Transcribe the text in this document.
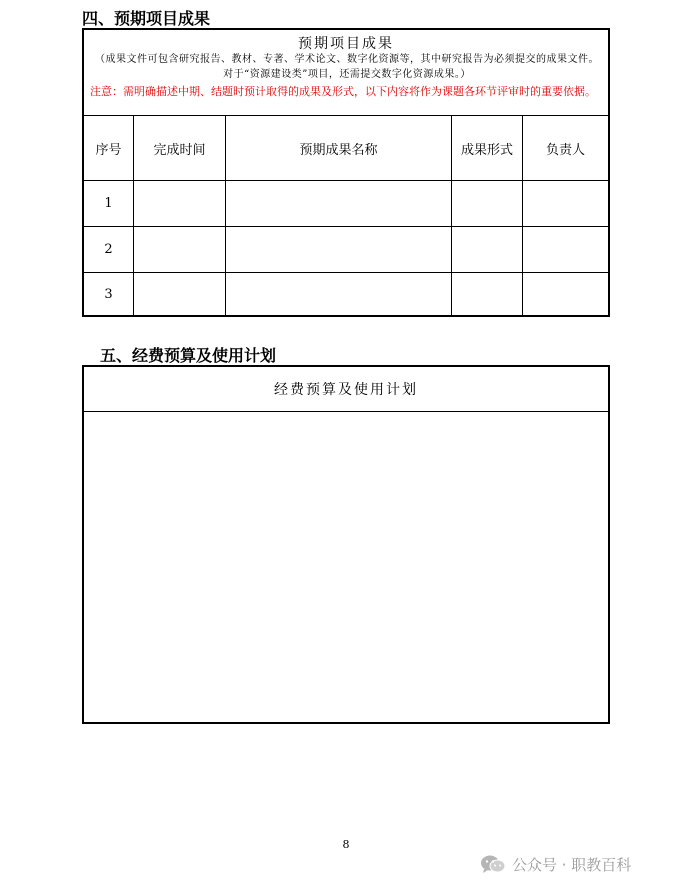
四、预期项目成果
预期项目成果
（成果文件可包含研究报告、教材、专著、学术论文、数字化资源等，其中研究报告为必须提交的成果文件。对于“资源建设类”项目，还需提交数字化资源成果。）
注意：需明确描述中期、结题时预计取得的成果及形式，以下内容将作为课题各环节评审时的重要依据。
序号	完成时间	预期成果名称	成果形式	负责人
1
2
3
五、经费预算及使用计划
经费预算及使用计划
8
公众号 · 职教百科
